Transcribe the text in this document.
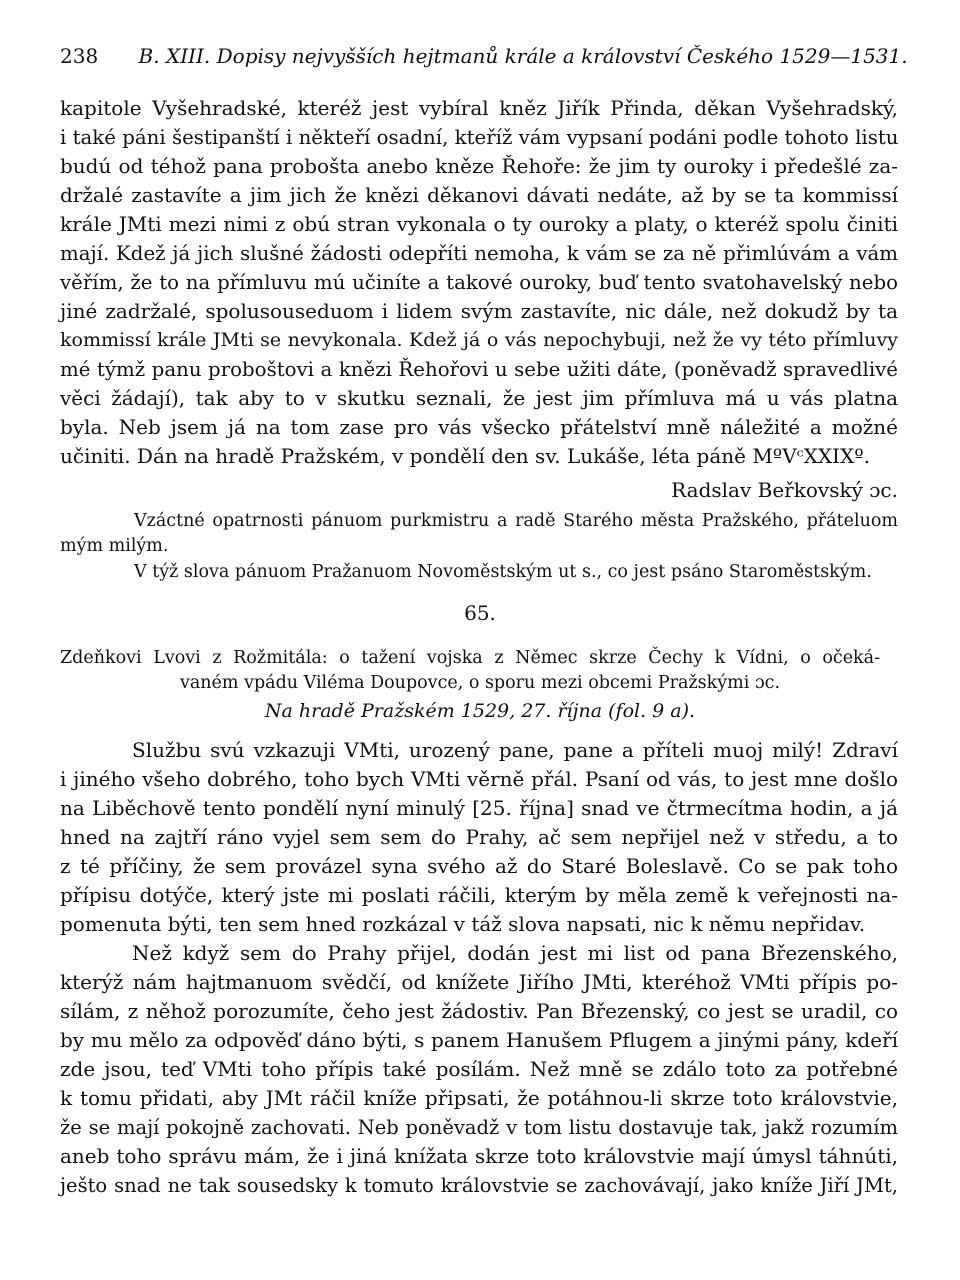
238 B. XIII. Dopisy nejvyšších hejtmanů krále a království Českého 1529—1531.
kapitole Vyšehradské, kteréž jest vybíral kněz Jiřík Přinda, děkan Vyšehradský,
i také páni šestipanští i někteří osadní, kteříž vám vypsaní podáni podle tohoto listu
budú od téhož pana probošta anebo kněze Řehoře: že jim ty ouroky i předešlé za-
držalé zastavíte a jim jich že knězi děkanovi dávati nedáte, až by se ta kommissí
krále JMti mezi nimi z obú stran vykonala o ty ouroky a platy, o kteréž spolu činiti
mají. Kdež já jich slušné žádosti odepříti nemoha, k vám se za ně přimlúvám a vám
věřím, že to na přímluvu mú učiníte a takové ouroky, buď tento svatohavelský nebo
jiné zadržalé, spolusouseduom i lidem svým zastavíte, nic dále, než dokudž by ta
kommissí krále JMti se nevykonala. Kdež já o vás nepochybuji, než že vy této přímluvy
mé týmž panu proboštovi a knězi Řehořovi u sebe užiti dáte, (poněvadž spravedlivé
věci žádají), tak aby to v skutku seznali, že jest jim přímluva má u vás platna
byla. Neb jsem já na tom zase pro vás všecko přátelství mně náležité a možné
učiniti. Dán na hradě Pražském, v pondělí den sv. Lukáše, léta páně MºVᶜXXIXº.
Radslav Beřkovský ɔc.
Vzáctné opatrnosti pánuom purkmistru a radě Starého města Pražského, přáteluom
mým milým.
V týž slova pánuom Pražanuom Novoměstským ut s., co jest psáno Staroměstským.
65.
Zdeňkovi Lvovi z Rožmitála: o tažení vojska z Němec skrze Čechy k Vídni, o očeká-
vaném vpádu Viléma Doupovce, o sporu mezi obcemi Pražskými ɔc.
Na hradě Pražském 1529, 27. října (fol. 9 a).
Službu svú vzkazuji VMti, urozený pane, pane a příteli muoj milý! Zdraví
i jiného všeho dobrého, toho bych VMti věrně přál. Psaní od vás, to jest mne došlo
na Liběchově tento pondělí nyní minulý [25. října] snad ve čtrmecítma hodin, a já
hned na zajtří ráno vyjel sem sem do Prahy, ač sem nepřijel než v středu, a to
z té příčiny, že sem provázel syna svého až do Staré Boleslavě. Co se pak toho
přípisu dotýče, který jste mi poslati ráčili, kterým by měla země k veřejnosti na-
pomenuta býti, ten sem hned rozkázal v táž slova napsati, nic k němu nepřidav.
Než když sem do Prahy přijel, dodán jest mi list od pana Březenského,
kterýž nám hajtmanuom svědčí, od knížete Jiřího JMti, kteréhož VMti přípis po-
sílám, z něhož porozumíte, čeho jest žádostiv. Pan Březenský, co jest se uradil, co
by mu mělo za odpověď dáno býti, s panem Hanušem Pflugem a jinými pány, kdeří
zde jsou, teď VMti toho přípis také posílám. Než mně se zdálo toto za potřebné
k tomu přidati, aby JMt ráčil kníže připsati, že potáhnou-li skrze toto královstvie,
že se mají pokojně zachovati. Neb poněvadž v tom listu dostavuje tak, jakž rozumím
aneb toho správu mám, že i jiná knížata skrze toto královstvie mají úmysl táhnúti,
ješto snad ne tak sousedsky k tomuto královstvie se zachovávají, jako kníže Jiří JMt,
